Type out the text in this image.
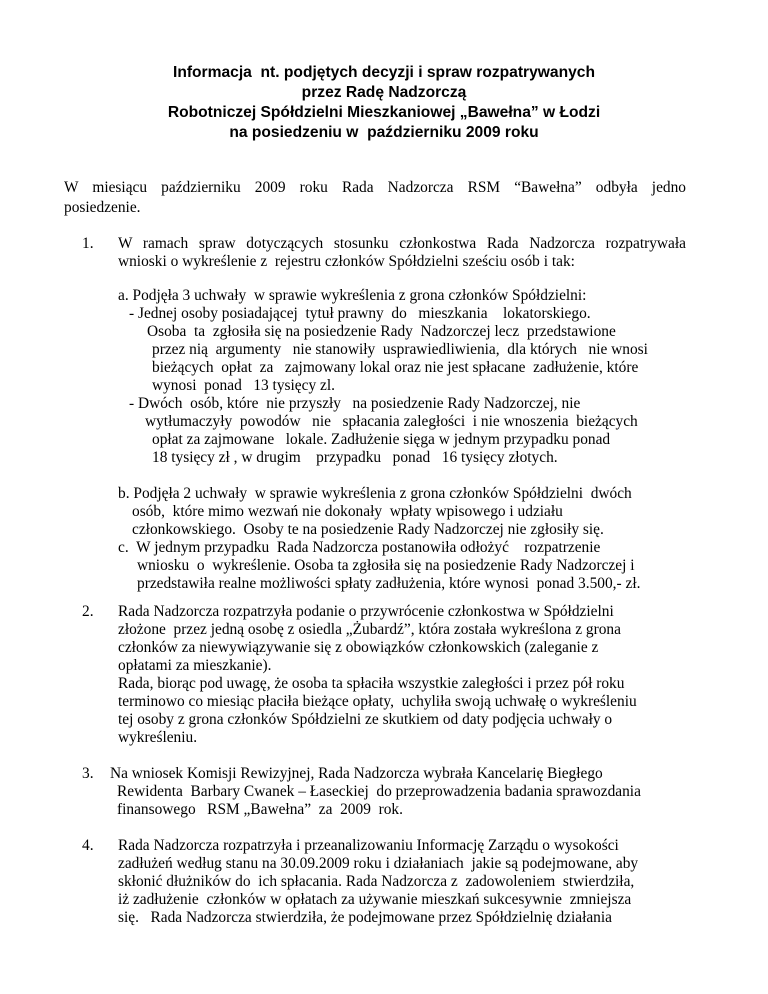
Informacja  nt. podjętych decyzji i spraw rozpatrywanych
przez Radę Nadzorczą
Robotniczej Spółdzielni Mieszkaniowej „Bawełna” w Łodzi
na posiedzeniu w  październiku 2009 roku
W miesiącu październiku 2009 roku Rada Nadzorcza RSM “Bawełna” odbyła jedno
posiedzenie.
1. W ramach spraw dotyczących stosunku członkostwa Rada Nadzorcza rozpatrywała
wnioski o wykreślenie z  rejestru członków Spółdzielni sześciu osób i tak:
a. Podjęła 3 uchwały  w sprawie wykreślenia z grona członków Spółdzielni:
- Jednej osoby posiadającej  tytuł prawny  do   mieszkania    lokatorskiego.
Osoba  ta  zgłosiła się na posiedzenie Rady  Nadzorczej lecz  przedstawione
przez nią  argumenty   nie stanowiły  usprawiedliwienia,  dla których   nie wnosi
bieżących  opłat  za   zajmowany lokal oraz nie jest spłacane  zadłużenie, które
wynosi  ponad   13 tysięcy zl.
- Dwóch  osób, które  nie przyszły   na posiedzenie Rady Nadzorczej, nie
wytłumaczyły  powodów   nie   spłacania zaległości  i nie wnoszenia  bieżących
opłat za zajmowane   lokale. Zadłużenie sięga w jednym przypadku ponad
18 tysięcy zł , w drugim    przypadku   ponad   16 tysięcy złotych.
b. Podjęła 2 uchwały  w sprawie wykreślenia z grona członków Spółdzielni  dwóch
osób,  które mimo wezwań nie dokonały  wpłaty wpisowego i udziału
członkowskiego.  Osoby te na posiedzenie Rady Nadzorczej nie zgłosiły się.
c.  W jednym przypadku  Rada Nadzorcza postanowiła odłożyć    rozpatrzenie
wniosku  o  wykreślenie. Osoba ta zgłosiła się na posiedzenie Rady Nadzorczej i
przedstawiła realne możliwości spłaty zadłużenia, które wynosi  ponad 3.500,- zł.
2. Rada Nadzorcza rozpatrzyła podanie o przywrócenie członkostwa w Spółdzielni
złożone  przez jedną osobę z osiedla „Żubardź”, która została wykreślona z grona
członków za niewywiązywanie się z obowiązków członkowskich (zaleganie z
opłatami za mieszkanie).
Rada, biorąc pod uwagę, że osoba ta spłaciła wszystkie zaległości i przez pół roku
terminowo co miesiąc płaciła bieżące opłaty,  uchyliła swoją uchwałę o wykreśleniu
tej osoby z grona członków Spółdzielni ze skutkiem od daty podjęcia uchwały o
wykreśleniu.
3. Na wniosek Komisji Rewizyjnej, Rada Nadzorcza wybrała Kancelarię Biegłego
Rewidenta  Barbary Cwanek – Łaseckiej  do przeprowadzenia badania sprawozdania
finansowego   RSM „Bawełna”  za  2009  rok.
4. Rada Nadzorcza rozpatrzyła i przeanalizowaniu Informację Zarządu o wysokości
zadłużeń według stanu na 30.09.2009 roku i działaniach  jakie są podejmowane, aby
skłonić dłużników do  ich spłacania. Rada Nadzorcza z  zadowoleniem  stwierdziła,
iż zadłużenie  członków w opłatach za używanie mieszkań sukcesywnie  zmniejsza
się.   Rada Nadzorcza stwierdziła, że podejmowane przez Spółdzielnię działania
